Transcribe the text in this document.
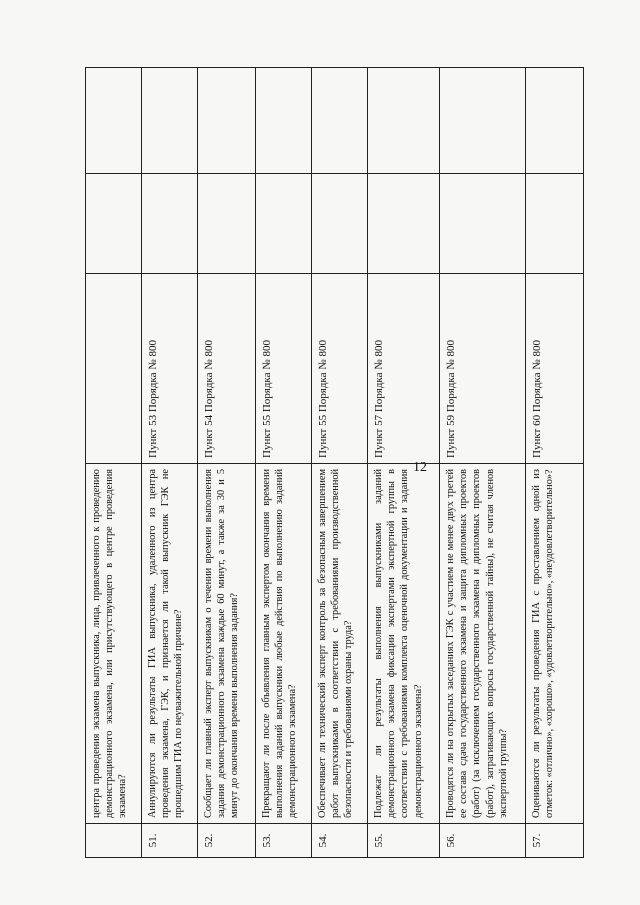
12
	центра проведения экзамена выпускника, лица, привлеченного к проведению демонстрационного экзамена, или присутствующего в центре проведения экзамена?			
51.	Аннулируются ли результаты ГИА выпускника, удаленного из центра проведения экзамена, ГЭК, и признается ли такой выпускник ГЭК не прошедшим ГИА по неуважительной причине?	Пункт 53 Порядка № 800		
52.	Сообщает ли главный эксперт выпускникам о течении времени выполнения задания демонстрационного экзамена каждые 60 минут, а также за 30 и 5 минут до окончания времени выполнения задания?	Пункт 54 Порядка № 800		
53.	Прекращают ли после объявления главным экспертом окончания времени выполнения заданий выпускники любые действия по выполнению заданий демонстрационного экзамена?	Пункт 55 Порядка № 800		
54.	Обеспечивает ли технический эксперт контроль за безопасным завершением работ выпускниками в соответствии с требованиями производственной безопасности и требованиями охраны труда?	Пункт 55 Порядка № 800		
55.	Подлежат ли результаты выполнения выпускниками заданий демонстрационного экзамена фиксации экспертами экспертной группы в соответствии с требованиями комплекта оценочной документации и задания демонстрационного экзамена?	Пункт 57 Порядка № 800		
56.	Проводятся ли на открытых заседаниях ГЭК с участием не менее двух третей ее состава сдача государственного экзамена и защита дипломных проектов (работ) (за исключением государственного экзамена и дипломных проектов (работ), затрагивающих вопросы государственной тайны), не считая членов экспертной группы?	Пункт 59 Порядка № 800		
57.	Оцениваются ли результаты проведения ГИА с проставлением одной из отметок: «отлично», «хорошо», «удовлетворительно», «неудовлетворительно»?	Пункт 60 Порядка № 800		
